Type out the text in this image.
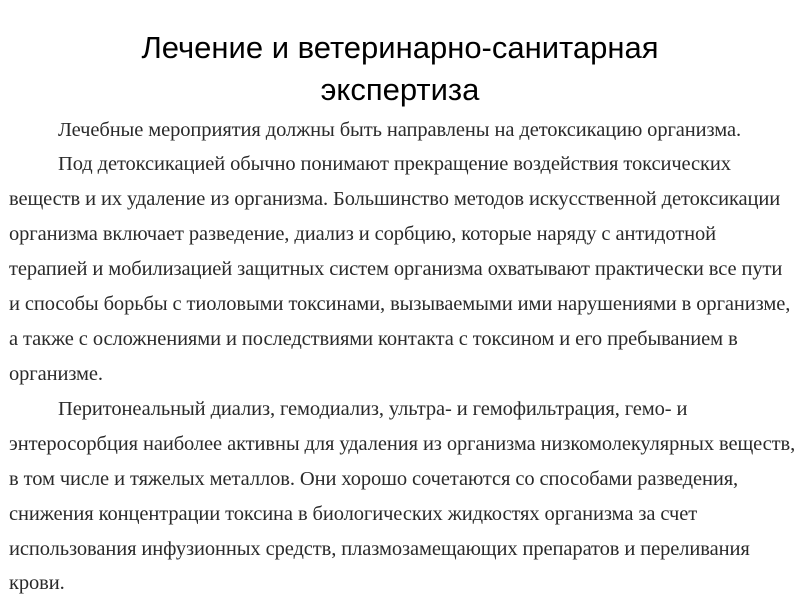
Лечение и ветеринарно-санитарная
экспертиза
Лечебные мероприятия должны быть направлены на детоксикацию организма.
Под детоксикацией обычно понимают прекращение воздействия токсических
веществ и их удаление из организма. Большинство методов искусственной детоксикации
организма включает разведение, диализ и сорбцию, которые наряду с антидотной
терапией и мобилизацией защитных систем организма охватывают практически все пути
и способы борьбы с тиоловыми токсинами, вызываемыми ими нарушениями в организме,
а также с осложнениями и последствиями контакта с токсином и его пребыванием в
организме.
Перитонеальный диализ, гемодиализ, ультра- и гемофильтрация, гемо- и
энтеросорбция наиболее активны для удаления из организма низкомолекулярных веществ,
в том числе и тяжелых металлов. Они хорошо сочетаются со способами разведения,
снижения концентрации токсина в биологических жидкостях организма за счет
использования инфузионных средств, плазмозамещающих препаратов и переливания
крови.
